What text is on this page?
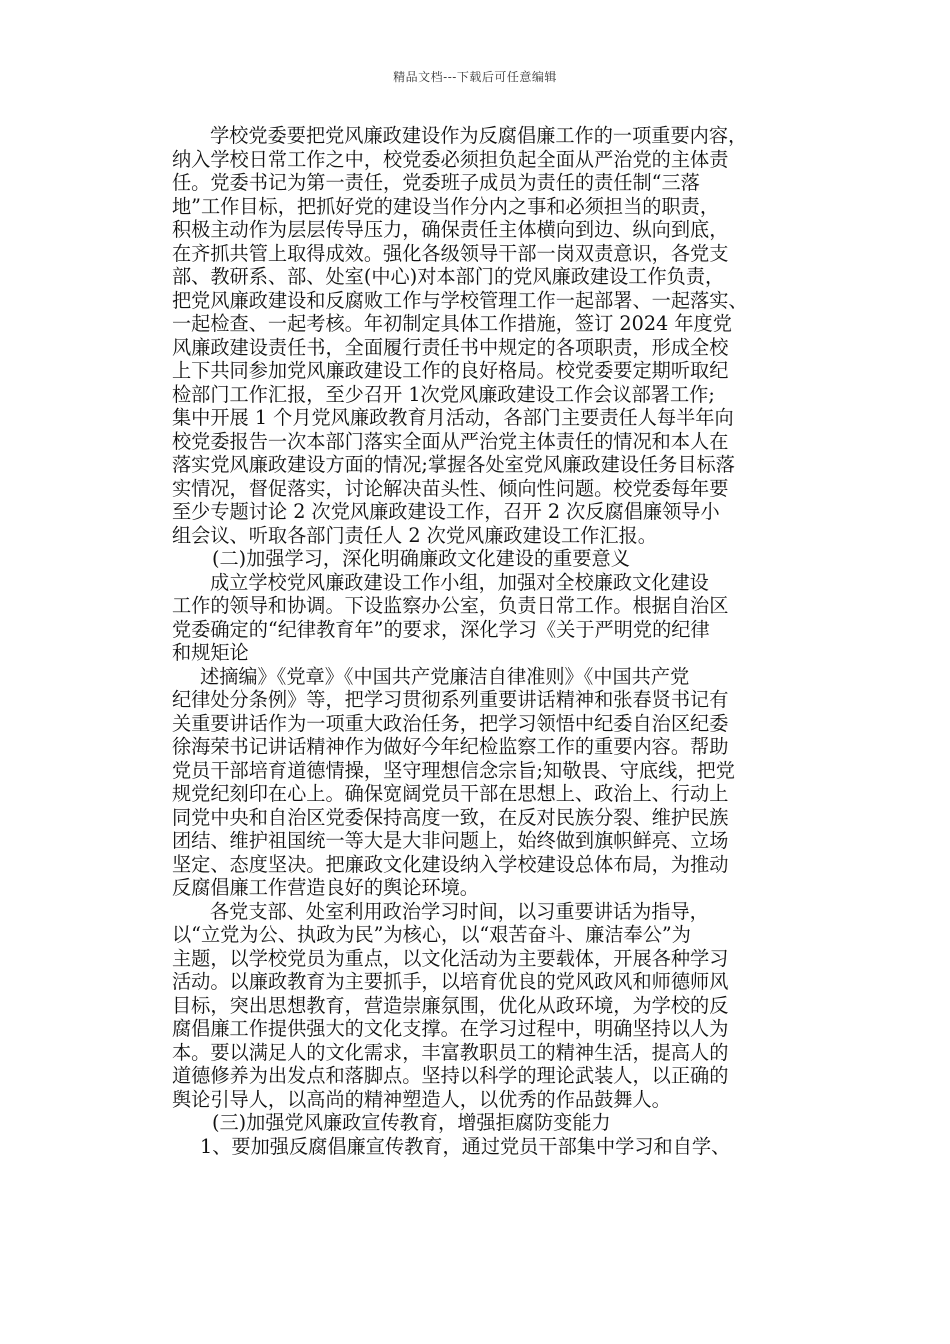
精品文档---下载后可任意编辑
学校党委要把党风廉政建设作为反腐倡廉工作的一项重要内容，
纳入学校日常工作之中，校党委必须担负起全面从严治党的主体责
任。党委书记为第一责任，党委班子成员为责任的责任制“三落
地”工作目标，把抓好党的建设当作分内之事和必须担当的职责，
积极主动作为层层传导压力，确保责任主体横向到边、纵向到底，
在齐抓共管上取得成效。强化各级领导干部一岗双责意识，各党支
部、教研系、部、处室(中心)对本部门的党风廉政建设工作负责，
把党风廉政建设和反腐败工作与学校管理工作一起部署、一起落实、
一起检查、一起考核。年初制定具体工作措施，签订 2024 年度党
风廉政建设责任书，全面履行责任书中规定的各项职责，形成全校
上下共同参加党风廉政建设工作的良好格局。校党委要定期听取纪
检部门工作汇报，至少召开 1次党风廉政建设工作会议部署工作;
集中开展 1 个月党风廉政教育月活动，各部门主要责任人每半年向
校党委报告一次本部门落实全面从严治党主体责任的情况和本人在
落实党风廉政建设方面的情况;掌握各处室党风廉政建设任务目标落
实情况，督促落实，讨论解决苗头性、倾向性问题。校党委每年要
至少专题讨论 2 次党风廉政建设工作，召开 2 次反腐倡廉领导小
组会议、听取各部门责任人 2 次党风廉政建设工作汇报。
(二)加强学习，深化明确廉政文化建设的重要意义
成立学校党风廉政建设工作小组，加强对全校廉政文化建设
工作的领导和协调。下设监察办公室，负责日常工作。根据自治区
党委确定的“纪律教育年”的要求，深化学习《关于严明党的纪律
和规矩论
述摘编》《党章》《中国共产党廉洁自律准则》《中国共产党
纪律处分条例》等，把学习贯彻系列重要讲话精神和张春贤书记有
关重要讲话作为一项重大政治任务，把学习领悟中纪委自治区纪委
徐海荣书记讲话精神作为做好今年纪检监察工作的重要内容。帮助
党员干部培育道德情操，坚守理想信念宗旨;知敬畏、守底线，把党
规党纪刻印在心上。确保宽阔党员干部在思想上、政治上、行动上
同党中央和自治区党委保持高度一致，在反对民族分裂、维护民族
团结、维护祖国统一等大是大非问题上，始终做到旗帜鲜亮、立场
坚定、态度坚决。把廉政文化建设纳入学校建设总体布局，为推动
反腐倡廉工作营造良好的舆论环境。
各党支部、处室利用政治学习时间，以习重要讲话为指导，
以“立党为公、执政为民”为核心，以“艰苦奋斗、廉洁奉公”为
主题，以学校党员为重点，以文化活动为主要载体，开展各种学习
活动。以廉政教育为主要抓手，以培育优良的党风政风和师德师风
目标，突出思想教育，营造崇廉氛围，优化从政环境，为学校的反
腐倡廉工作提供强大的文化支撑。在学习过程中，明确坚持以人为
本。要以满足人的文化需求，丰富教职员工的精神生活，提高人的
道德修养为出发点和落脚点。坚持以科学的理论武装人，以正确的
舆论引导人，以高尚的精神塑造人，以优秀的作品鼓舞人。
(三)加强党风廉政宣传教育，增强拒腐防变能力
1、要加强反腐倡廉宣传教育，通过党员干部集中学习和自学、
